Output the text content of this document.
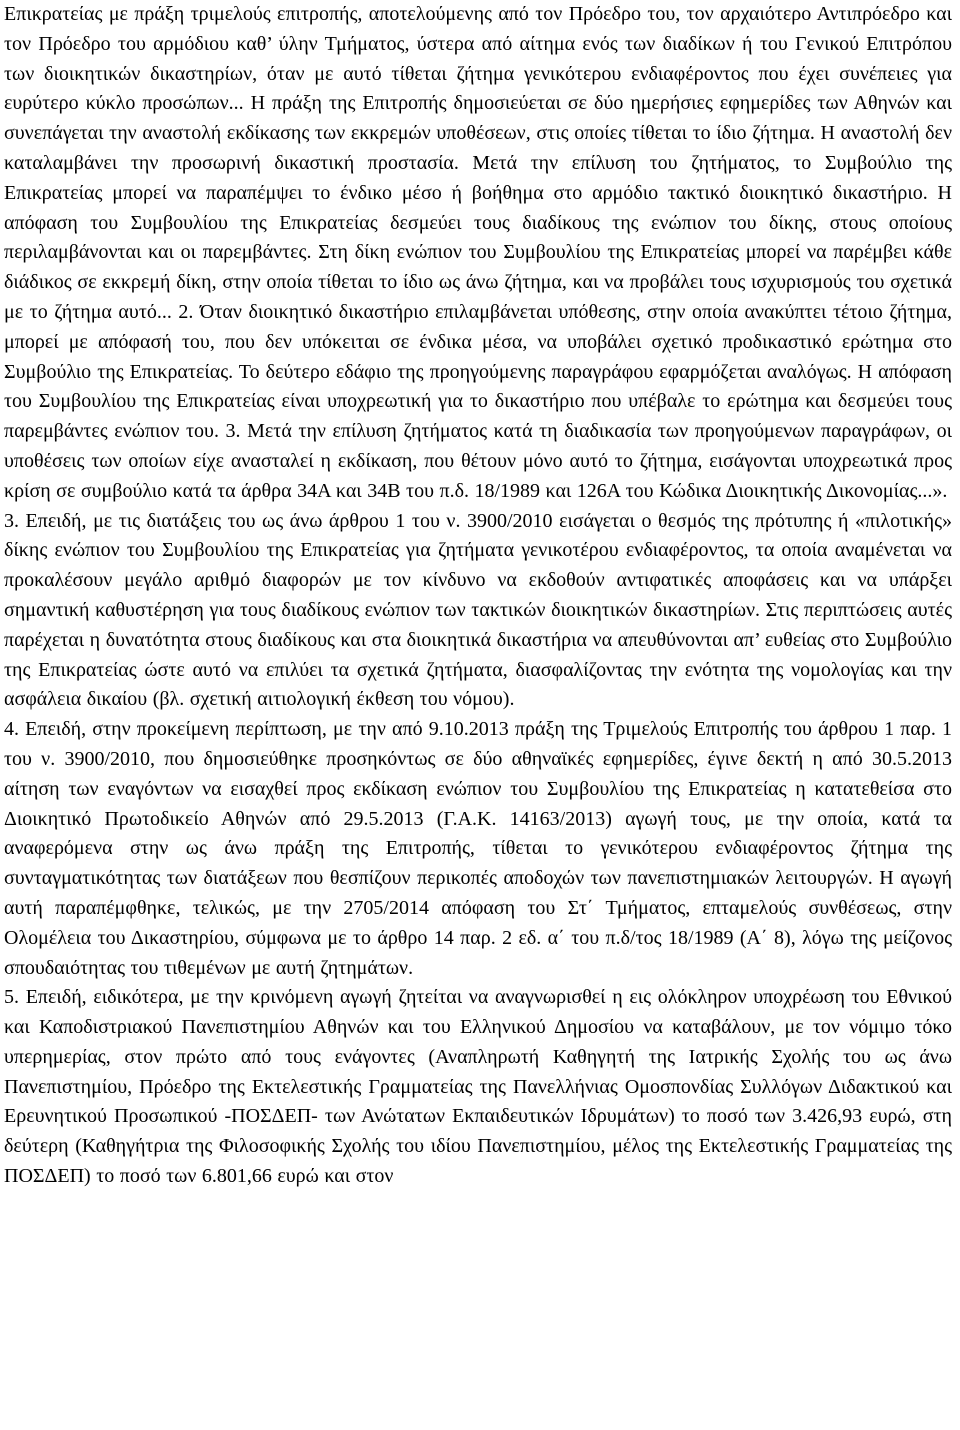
Επικρατείας με πράξη τριμελούς επιτροπής, αποτελούμενης από τον Πρόεδρο του, τον αρχαιότερο Αντιπρόεδρο και τον Πρόεδρο του αρμόδιου καθ’ ύλην Τμήματος, ύστερα από αίτημα ενός των διαδίκων ή του Γενικού Επιτρόπου των διοικητικών δικαστηρίων, όταν με αυτό τίθεται ζήτημα γενικότερου ενδιαφέροντος που έχει συνέπειες για ευρύτερο κύκλο προσώπων... Η πράξη της Επιτροπής δημοσιεύεται σε δύο ημερήσιες εφημερίδες των Αθηνών και συνεπάγεται την αναστολή εκδίκασης των εκκρεμών υποθέσεων, στις οποίες τίθεται το ίδιο ζήτημα. Η αναστολή δεν καταλαμβάνει την προσωρινή δικαστική προστασία. Μετά την επίλυση του ζητήματος, το Συμβούλιο της Επικρατείας μπορεί να παραπέμψει το ένδικο μέσο ή βοήθημα στο αρμόδιο τακτικό διοικητικό δικαστήριο. Η απόφαση του Συμβουλίου της Επικρατείας δεσμεύει τους διαδίκους της ενώπιον του δίκης, στους οποίους περιλαμβάνονται και οι παρεμβάντες. Στη δίκη ενώπιον του Συμβουλίου της Επικρατείας μπορεί να παρέμβει κάθε διάδικος σε εκκρεμή δίκη, στην οποία τίθεται το ίδιο ως άνω ζήτημα, και να προβάλει τους ισχυρισμούς του σχετικά με το ζήτημα αυτό... 2. Όταν διοικητικό δικαστήριο επιλαμβάνεται υπόθεσης, στην οποία ανακύπτει τέτοιο ζήτημα, μπορεί με απόφασή του, που δεν υπόκειται σε ένδικα μέσα, να υποβάλει σχετικό προδικαστικό ερώτημα στο Συμβούλιο της Επικρατείας. Το δεύτερο εδάφιο της προηγούμενης παραγράφου εφαρμόζεται αναλόγως. Η απόφαση του Συμβουλίου της Επικρατείας είναι υποχρεωτική για το δικαστήριο που υπέβαλε το ερώτημα και δεσμεύει τους παρεμβάντες ενώπιον του. 3. Μετά την επίλυση ζητήματος κατά τη διαδικασία των προηγούμενων παραγράφων, οι υποθέσεις των οποίων είχε ανασταλεί η εκδίκαση, που θέτουν μόνο αυτό το ζήτημα, εισάγονται υποχρεωτικά προς κρίση σε συμβούλιο κατά τα άρθρα 34Α και 34Β του π.δ. 18/1989 και 126Α του Κώδικα Διοικητικής Δικονομίας...».

3. Επειδή, με τις διατάξεις του ως άνω άρθρου 1 του ν. 3900/2010 εισάγεται ο θεσμός της πρότυπης ή «πιλοτικής» δίκης ενώπιον του Συμβουλίου της Επικρατείας για ζητήματα γενικοτέρου ενδιαφέροντος, τα οποία αναμένεται να προκαλέσουν μεγάλο αριθμό διαφορών με τον κίνδυνο να εκδοθούν αντιφατικές αποφάσεις και να υπάρξει σημαντική καθυστέρηση για τους διαδίκους ενώπιον των τακτικών διοικητικών δικαστηρίων. Στις περιπτώσεις αυτές παρέχεται η δυνατότητα στους διαδίκους και στα διοικητικά δικαστήρια να απευθύνονται απ’ ευθείας στο Συμβούλιο της Επικρατείας ώστε αυτό να επιλύει τα σχετικά ζητήματα, διασφαλίζοντας την ενότητα της νομολογίας και την ασφάλεια δικαίου (βλ. σχετική αιτιολογική έκθεση του νόμου).

4. Επειδή, στην προκείμενη περίπτωση, με την από 9.10.2013 πράξη της Τριμελούς Επιτροπής του άρθρου 1 παρ. 1 του ν. 3900/2010, που δημοσιεύθηκε προσηκόντως σε δύο αθηναϊκές εφημερίδες, έγινε δεκτή η από 30.5.2013 αίτηση των εναγόντων να εισαχθεί προς εκδίκαση ενώπιον του Συμβουλίου της Επικρατείας η κατατεθείσα στο Διοικητικό Πρωτοδικείο Αθηνών από 29.5.2013 (Γ.Α.Κ. 14163/2013) αγωγή τους, με την οποία, κατά τα αναφερόμενα στην ως άνω πράξη της Επιτροπής, τίθεται το γενικότερου ενδιαφέροντος ζήτημα της συνταγματικότητας των διατάξεων που θεσπίζουν περικοπές αποδοχών των πανεπιστημιακών λειτουργών. Η αγωγή αυτή παραπέμφθηκε, τελικώς, με την 2705/2014 απόφαση του Στ΄ Τμήματος, επταμελούς συνθέσεως, στην Ολομέλεια του Δικαστηρίου, σύμφωνα με το άρθρο 14 παρ. 2 εδ. α΄ του π.δ/τος 18/1989 (Α΄ 8), λόγω της μείζονος σπουδαιότητας του τιθεμένων με αυτή ζητημάτων.

5. Επειδή, ειδικότερα, με την κρινόμενη αγωγή ζητείται να αναγνωρισθεί η εις ολόκληρον υποχρέωση του Εθνικού και Καποδιστριακού Πανεπιστημίου Αθηνών και του Ελληνικού Δημοσίου να καταβάλουν, με τον νόμιμο τόκο υπερημερίας, στον πρώτο από τους ενάγοντες (Αναπληρωτή Καθηγητή της Ιατρικής Σχολής του ως άνω Πανεπιστημίου, Πρόεδρο της Εκτελεστικής Γραμματείας της Πανελλήνιας Ομοσπονδίας Συλλόγων Διδακτικού και Ερευνητικού Προσωπικού -ΠΟΣΔΕΠ- των Ανώτατων Εκπαιδευτικών Ιδρυμάτων) το ποσό των 3.426,93 ευρώ, στη δεύτερη (Καθηγήτρια της Φιλοσοφικής Σχολής του ιδίου Πανεπιστημίου, μέλος της Εκτελεστικής Γραμματείας της ΠΟΣΔΕΠ) το ποσό των 6.801,66 ευρώ και στον
